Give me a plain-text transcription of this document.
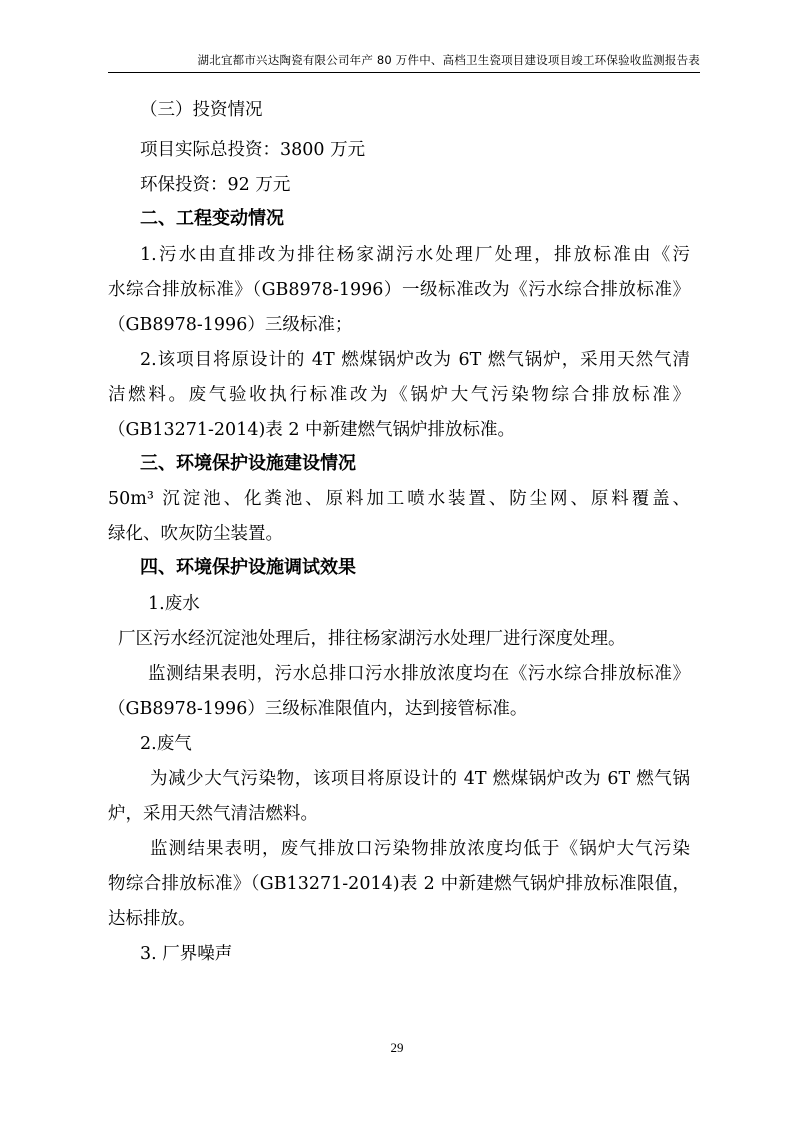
湖北宜都市兴达陶瓷有限公司年产 80 万件中、高档卫生瓷项目建设项目竣工环保验收监测报告表
（三）投资情况
项目实际总投资：3800 万元
环保投资：92 万元
二、工程变动情况
1.污水由直排改为排往杨家湖污水处理厂处理，排放标准由《污
水综合排放标准》（GB8978-1996）一级标准改为《污水综合排放标准》
（GB8978-1996）三级标准；
2.该项目将原设计的 4T 燃煤锅炉改为 6T 燃气锅炉，采用天然气清
洁燃料。废气验收执行标准改为《锅炉大气污染物综合排放标准》
（GB13271-2014)表 2 中新建燃气锅炉排放标准。
三、环境保护设施建设情况
50m³ 沉淀池、化粪池、原料加工喷水装置、防尘网、原料覆盖、
绿化、吹灰防尘装置。
四、环境保护设施调试效果
1.废水
厂区污水经沉淀池处理后，排往杨家湖污水处理厂进行深度处理。
监测结果表明，污水总排口污水排放浓度均在《污水综合排放标准》
（GB8978-1996）三级标准限值内，达到接管标准。
2.废气
为减少大气污染物，该项目将原设计的 4T 燃煤锅炉改为 6T 燃气锅
炉，采用天然气清洁燃料。
监测结果表明，废气排放口污染物排放浓度均低于《锅炉大气污染
物综合排放标准》（GB13271-2014)表 2 中新建燃气锅炉排放标准限值，
达标排放。
3. 厂界噪声
29
